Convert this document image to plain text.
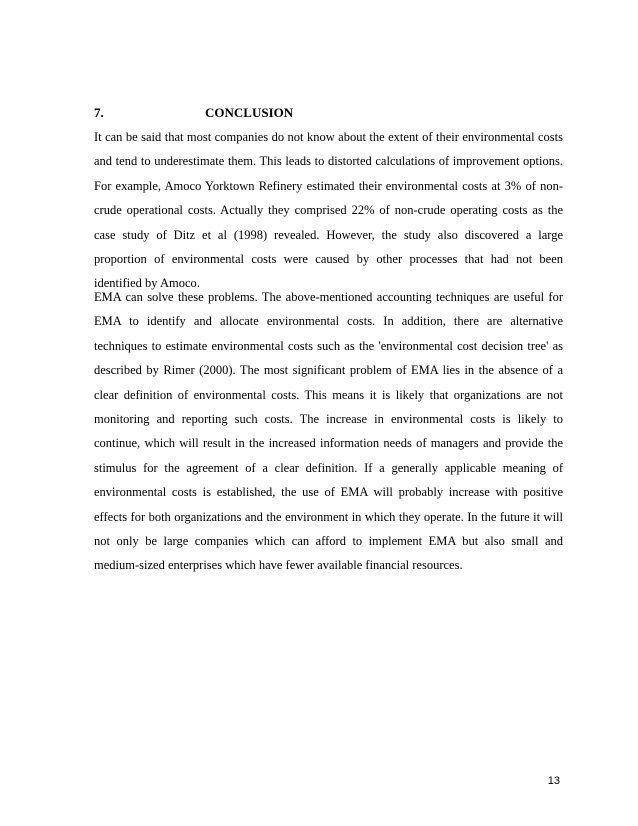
7.	CONCLUSION

It can be said that most companies do not know about the extent of their environmental costs and tend to underestimate them. This leads to distorted calculations of improvement options. For example, Amoco Yorktown Refinery estimated their environmental costs at 3% of non-crude operational costs. Actually they comprised 22% of non-crude operating costs as the case study of Ditz et al (1998) revealed. However, the study also discovered a large proportion of environmental costs were caused by other processes that had not been identified by Amoco.

EMA can solve these problems. The above-mentioned accounting techniques are useful for EMA to identify and allocate environmental costs. In addition, there are alternative techniques to estimate environmental costs such as the 'environmental cost decision tree' as described by Rimer (2000). The most significant problem of EMA lies in the absence of a clear definition of environmental costs. This means it is likely that organizations are not monitoring and reporting such costs. The increase in environmental costs is likely to continue, which will result in the increased information needs of managers and provide the stimulus for the agreement of a clear definition. If a generally applicable meaning of environmental costs is established, the use of EMA will probably increase with positive effects for both organizations and the environment in which they operate. In the future it will not only be large companies which can afford to implement EMA but also small and medium-sized enterprises which have fewer available financial resources.

13
